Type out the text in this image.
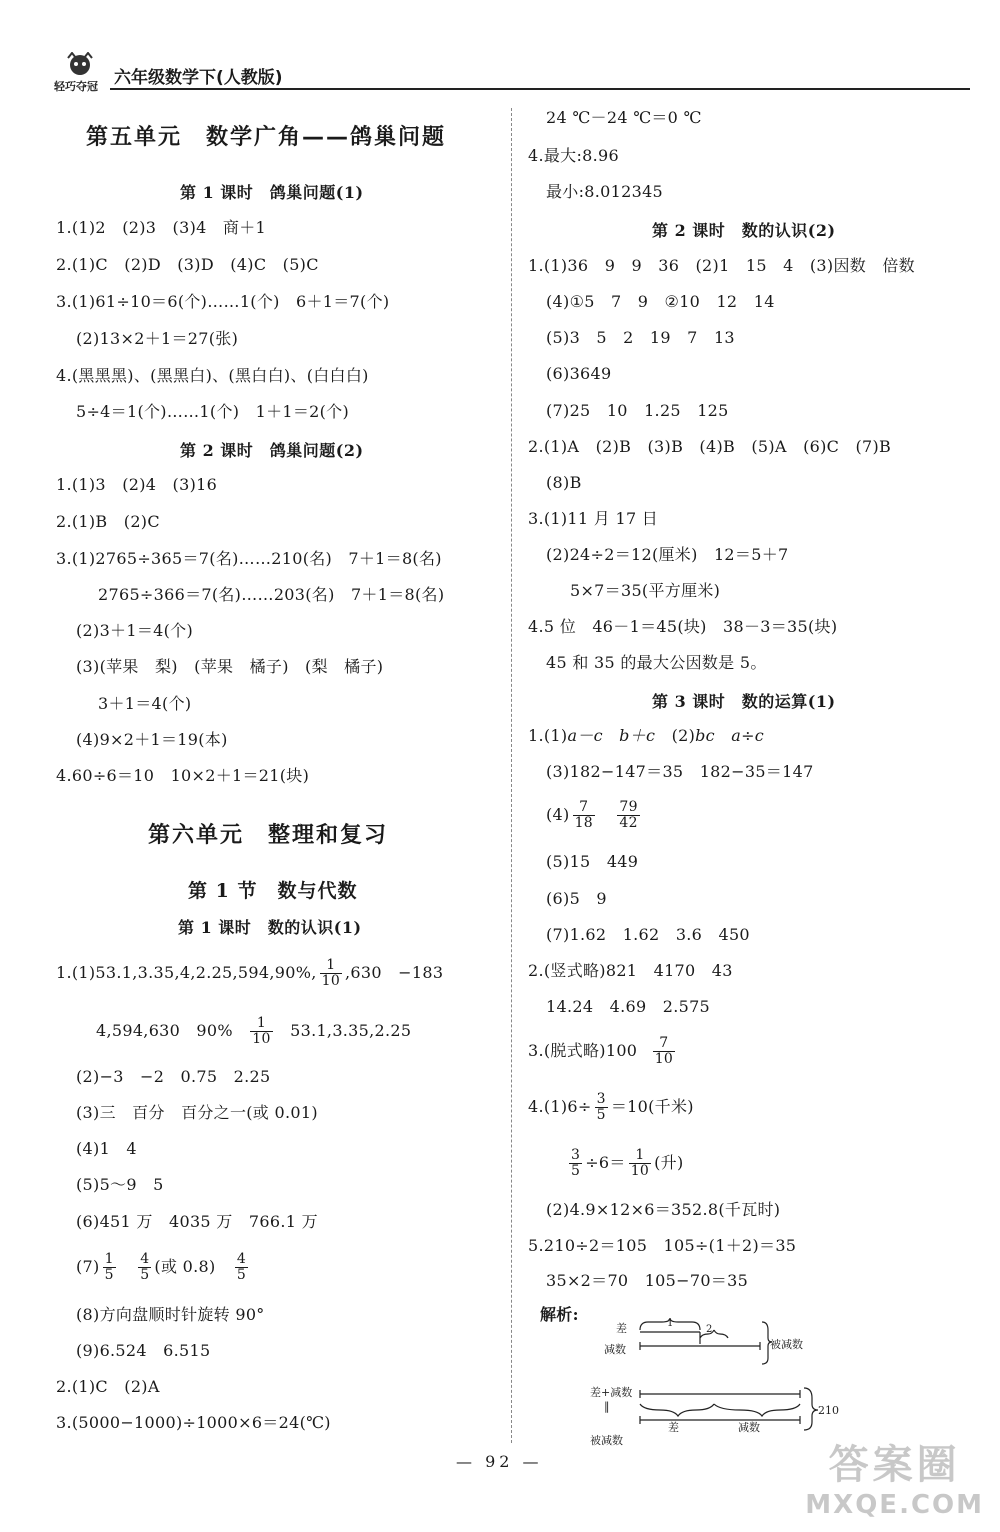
轻巧夺冠 六年级数学下(人教版)
第五单元　数学广角——鸽巢问题
第 1 课时　鸽巢问题(1)
1.(1)2　(2)3　(3)4　商＋1
2.(1)C　(2)D　(3)D　(4)C　(5)C
3.(1)61÷10＝6(个)……1(个)　6＋1＝7(个)
(2)13×2＋1＝27(张)
4.(黑黑黑)、(黑黑白)、(黑白白)、(白白白)
5÷4＝1(个)……1(个)　1＋1＝2(个)
第 2 课时　鸽巢问题(2)
1.(1)3　(2)4　(3)16
2.(1)B　(2)C
3.(1)2765÷365＝7(名)……210(名)　7＋1＝8(名)
2765÷366＝7(名)……203(名)　7＋1＝8(名)
(2)3＋1＝4(个)
(3)(苹果　梨)　(苹果　橘子)　(梨　橘子)
3＋1＝4(个)
(4)9×2＋1＝19(本)
4.60÷6＝10　10×2＋1＝21(块)
第六单元　整理和复习
第 1 节　数与代数
第 1 课时　数的认识(1)
1.(1)53.1,3.35,4,2.25,594,90%, $\frac{1}{10} ,630$　−183
4,594,630　$90\% \frac{1}{10} 53.1,3.35,2.25$
(2)−3　−2　0.75　2.25
(3)三　百分　百分之一(或 0.01)
(4)1　4
(5)5～9　5
(6)451 万　4035 万　766.1 万
$(7) \frac{1}{5}$
$\frac{4}{5}$ (或 $0.8) \frac{4}{5}$
(8)方向盘顺时针旋转 90°
(9)6.524　6.515
2.(1)C　(2)A
3.(5000−1000)÷1000×6＝24(℃)
24 ℃－24 ℃＝0 ℃
4.最大:8.96
最小:8.012345
第 2 课时　数的认识(2)
1.(1)36　9　9　36　(2)1　15　4　(3)因数　倍数
(4)①5　7　9　②10　12　14
(5)3　5　2　19　7　13
(6)3649
(7)25　10　1.25　125
2.(1)A　(2)B　(3)B　(4)B　(5)A　(6)C　(7)B
(8)B
3.(1)11 月 17 日
(2)24÷2＝12(厘米)　12＝5＋7
5×7＝35(平方厘米)
4.5 位　46－1＝45(块)　38－3＝35(块)
45 和 35 的最大公因数是 5。
第 3 课时　数的运算(1)
1.(1)a－c　b＋c　 (2)bc　a÷c
(3)182−147＝35　182−35＝147
$(4) \frac{7}{18}$
$\frac{79}{42}$
(5)15　449
(6)5　9
(7)1.62　1.62　3.6　450
2.(竖式略)821　4170　43
14.24　4.69　2.575
3.(脱式略)$100 \frac{7}{10}$
$4.(1)6\div \frac{3}{5} =10$(千米)
$\frac{3}{5} \div 6= \frac{1}{10}$ (升)
(2)4.9×12×6＝352.8(千瓦时)
5.210÷2＝105　105÷(1＋2)＝35
35×2＝70　105−70＝35
解析:
差	1
2
减数	被减数
差+减数
‖
差	减数
被减数
210
— 92 —	答案圈
MXQE.COM
